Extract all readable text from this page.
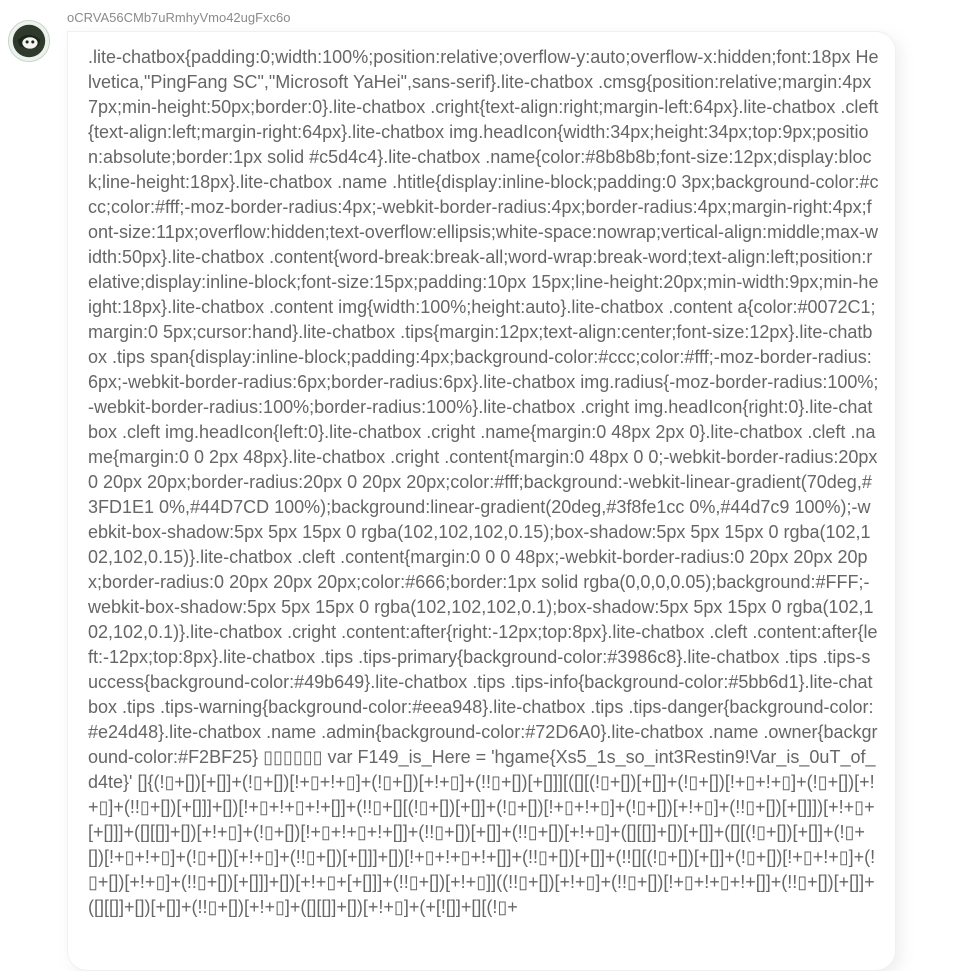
oCRVA56CMb7uRmhyVmo42ugFxc6o

.lite-chatbox{padding:0;width:100%;position:relative;overflow-y:auto;overflow-x:hidden;font:18px Helvetica,"PingFang SC","Microsoft YaHei",sans-serif}.lite-chatbox .cmsg{position:relative;margin:4px 7px;min-height:50px;border:0}.lite-chatbox .cright{text-align:right;margin-left:64px}.lite-chatbox .cleft{text-align:left;margin-right:64px}.lite-chatbox img.headIcon{width:34px;height:34px;top:9px;position:absolute;border:1px solid #c5d4c4}.lite-chatbox .name{color:#8b8b8b;font-size:12px;display:block;line-height:18px}.lite-chatbox .name .htitle{display:inline-block;padding:0 3px;background-color:#ccc;color:#fff;-moz-border-radius:4px;-webkit-border-radius:4px;border-radius:4px;margin-right:4px;font-size:11px;overflow:hidden;text-overflow:ellipsis;white-space:nowrap;vertical-align:middle;max-width:50px}.lite-chatbox .content{word-break:break-all;word-wrap:break-word;text-align:left;position:relative;display:inline-block;font-size:15px;padding:10px 15px;line-height:20px;min-width:9px;min-height:18px}.lite-chatbox .content img{width:100%;height:auto}.lite-chatbox .content a{color:#0072C1;margin:0 5px;cursor:hand}.lite-chatbox .tips{margin:12px;text-align:center;font-size:12px}.lite-chatbox .tips span{display:inline-block;padding:4px;background-color:#ccc;color:#fff;-moz-border-radius:6px;-webkit-border-radius:6px;border-radius:6px}.lite-chatbox img.radius{-moz-border-radius:100%;-webkit-border-radius:100%;border-radius:100%}.lite-chatbox .cright img.headIcon{right:0}.lite-chatbox .cleft img.headIcon{left:0}.lite-chatbox .cright .name{margin:0 48px 2px 0}.lite-chatbox .cleft .name{margin:0 0 2px 48px}.lite-chatbox .cright .content{margin:0 48px 0 0;-webkit-border-radius:20px 0 20px 20px;border-radius:20px 0 20px 20px;color:#fff;background:-webkit-linear-gradient(70deg,#3FD1E1 0%,#44D7CD 100%);background:linear-gradient(20deg,#3f8fe1cc 0%,#44d7c9 100%);-webkit-box-shadow:5px 5px 15px 0 rgba(102,102,102,0.15);box-shadow:5px 5px 15px 0 rgba(102,102,102,0.15)}.lite-chatbox .cleft .content{margin:0 0 0 48px;-webkit-border-radius:0 20px 20px 20px;border-radius:0 20px 20px 20px;color:#666;border:1px solid rgba(0,0,0,0.05);background:#FFF;-webkit-box-shadow:5px 5px 15px 0 rgba(102,102,102,0.1);box-shadow:5px 5px 15px 0 rgba(102,102,102,0.1)}.lite-chatbox .cright .content:after{right:-12px;top:8px}.lite-chatbox .cleft .content:after{left:-12px;top:8px}.lite-chatbox .tips .tips-primary{background-color:#3986c8}.lite-chatbox .tips .tips-success{background-color:#49b649}.lite-chatbox .tips .tips-info{background-color:#5bb6d1}.lite-chatbox .tips .tips-warning{background-color:#eea948}.lite-chatbox .tips .tips-danger{background-color:#e24d48}.lite-chatbox .name .admin{background-color:#72D6A0}.lite-chatbox .name .owner{background-color:#F2BF25} ▯▯▯▯▯▯ var F149_is_Here = 'hgame{Xs5_1s_so_int3Restin9!Var_is_0uT_of_d4te}' []{(!▯+[])[+[]]+(!▯+[])[!+▯+!+▯]+(!▯+[])[+!+▯]+(!!▯+[])[+[]]][([][(!▯+[])[+[]]+(!▯+[])[!+▯+!+▯]+(!▯+[])[+!+▯]+(!!▯+[])[+[]]]+[])[!+▯+!+▯+!+[]]+(!!▯+[][(!▯+[])[+[]]+(!▯+[])[!+▯+!+▯]+(!▯+[])[+!+▯]+(!!▯+[])[+[]]])[+!+▯+[+[]]]+([][[]]+[])[+!+▯]+(!▯+[])[!+▯+!+▯+!+[]]+(!!▯+[])[+[]]+(!!▯+[])[+!+▯]+([][[]]+[])[+[]]+([][(!▯+[])[+[]]+(!▯+[])[!+▯+!+▯]+(!▯+[])[+!+▯]+(!!▯+[])[+[]]]+[])[!+▯+!+▯+!+[]]+(!!▯+[])[+[]]+(!![][(!▯+[])[+[]]+(!▯+[])[!+▯+!+▯]+(!▯+[])[+!+▯]+(!!▯+[])[+[]]]+[])[+!+▯+[+[]]]+(!!▯+[])[+!+▯]]((!!▯+[])[+!+▯]+(!!▯+[])[!+▯+!+▯+!+[]]+(!!▯+[])[+[]]+([][[]]+[])[+[]]+(!!▯+[])[+!+▯]+([][[]]+[])[+!+▯]+(+[![]]+[][(!▯+
